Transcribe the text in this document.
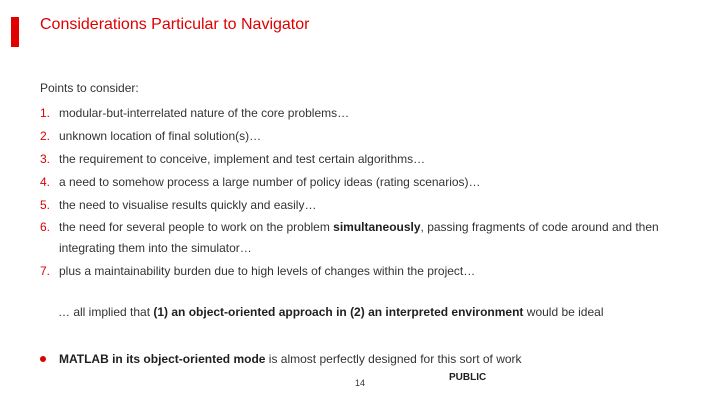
Considerations Particular to Navigator
Points to consider:
1. modular-but-interrelated nature of the core problems…
2. unknown location of final solution(s)…
3. the requirement to conceive, implement and test certain algorithms…
4. a need to somehow process a large number of policy ideas (rating scenarios)…
5. the need to visualise results quickly and easily…
6. the need for several people to work on the problem simultaneously, passing fragments of code around and then integrating them into the simulator…
7. plus a maintainability burden due to high levels of changes within the project…
… all implied that (1) an object-oriented approach in (2) an interpreted environment would be ideal
MATLAB in its object-oriented mode is almost perfectly designed for this sort of work
14	PUBLIC
